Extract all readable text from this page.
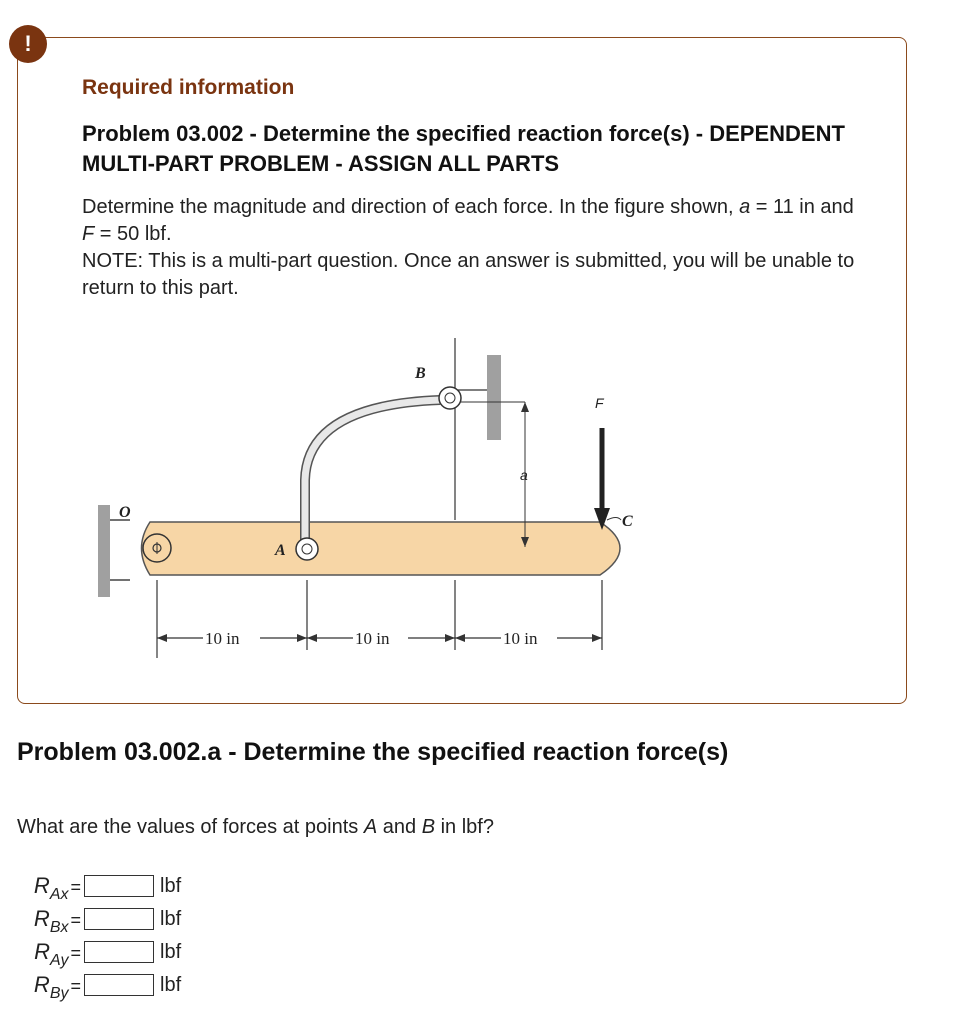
!
Required information
Problem 03.002 - Determine the specified reaction force(s) - DEPENDENT MULTI-PART PROBLEM - ASSIGN ALL PARTS
Determine the magnitude and direction of each force. In the figure shown, a = 11 in and F = 50 lbf.
NOTE: This is a multi-part question. Once an answer is submitted, you will be unable to return to this part.
O
A
B
C
F
a
10 in	10 in	10 in
Problem 03.002.a - Determine the specified reaction force(s)
What are the values of forces at points A and B in lbf?
R Ax =	lbf
R Bx =	lbf
R Ay =	lbf
R By =	lbf
